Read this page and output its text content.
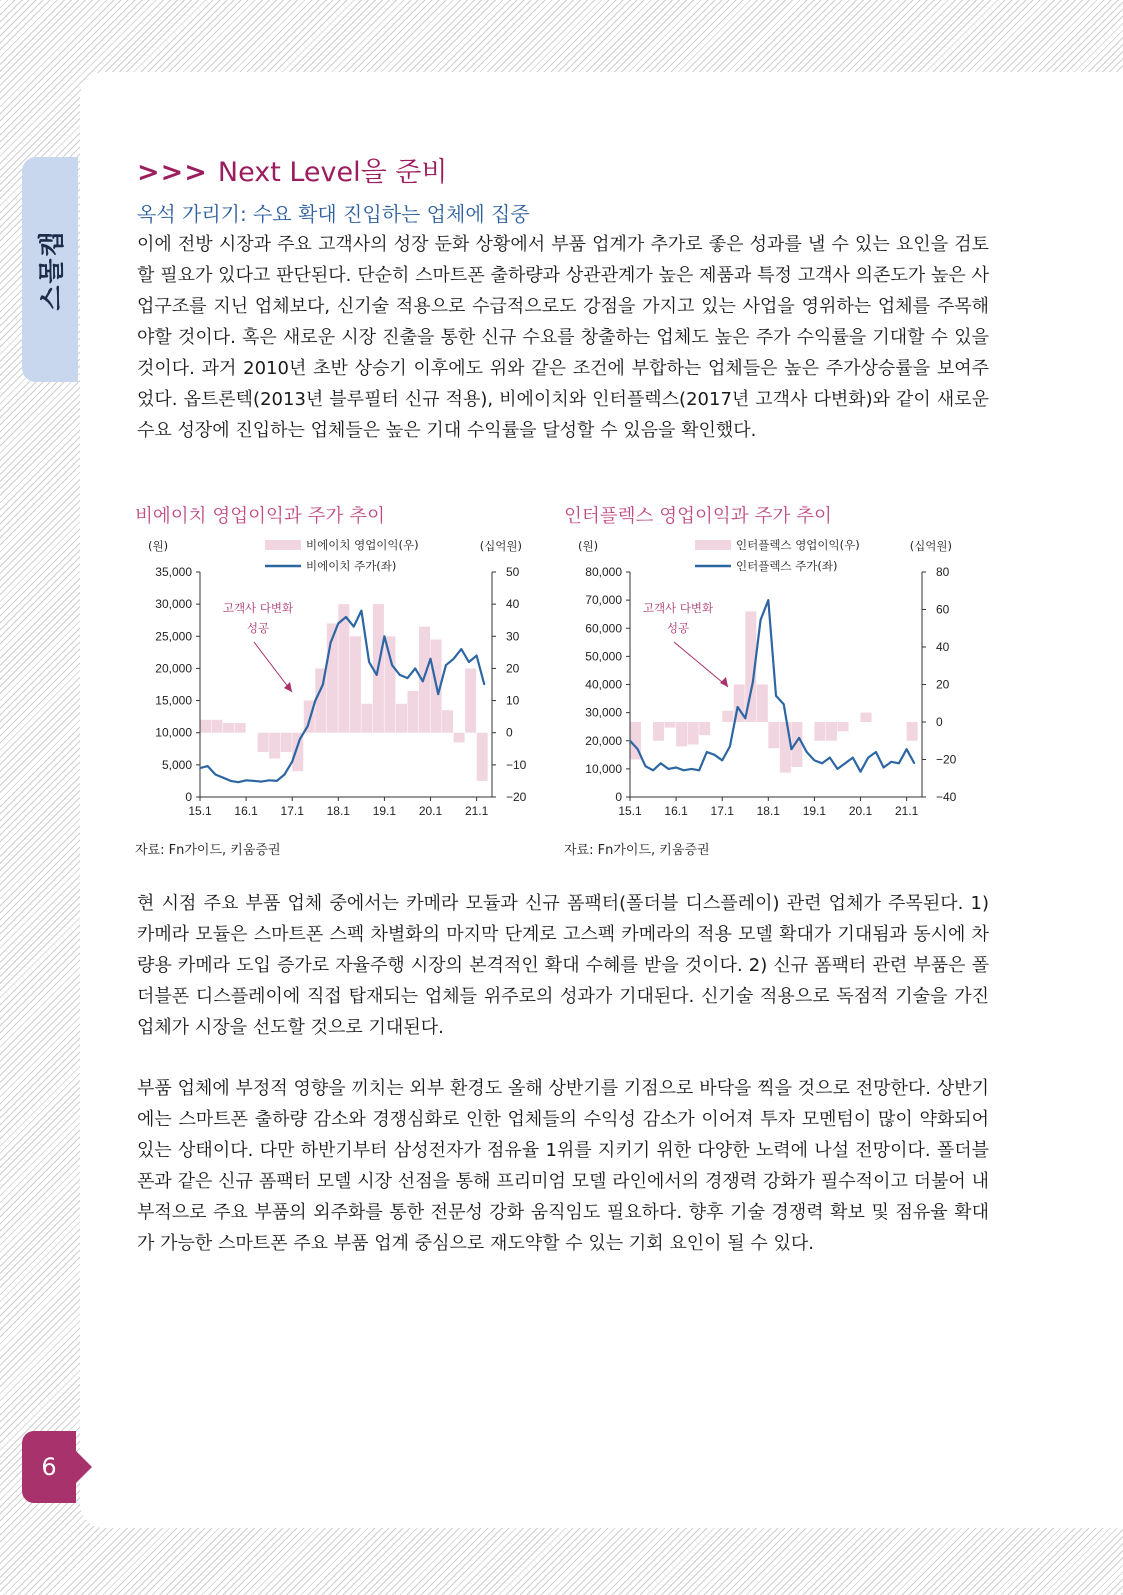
스몰캡
6
>>> Next Level을 준비
옥석 가리기: 수요 확대 진입하는 업체에 집중

이에 전방 시장과 주요 고객사의 성장 둔화 상황에서 부품 업계가 추가로 좋은 성과를 낼 수 있는 요인을 검토할 필요가 있다고 판단된다. 단순히 스마트폰 출하량과 상관관계가 높은 제품과 특정 고객사 의존도가 높은 사업구조를 지닌 업체보다, 신기술 적용으로 수급적으로도 강점을 가지고 있는 사업을 영위하는 업체를 주목해야할 것이다. 혹은 새로운 시장 진출을 통한 신규 수요를 창출하는 업체도 높은 주가 수익률을 기대할 수 있을 것이다. 과거 2010년 초반 상승기 이후에도 위와 같은 조건에 부합하는 업체들은 높은 주가상승률을 보여주었다. 옵트론텍(2013년 블루필터 신규 적용), 비에이치와 인터플렉스(2017년 고객사 다변화)와 같이 새로운 수요 성장에 진입하는 업체들은 높은 기대 수익률을 달성할 수 있음을 확인했다.

비에이치 영업이익과 주가 추이
35,000
30,000
25,000
20,000
15,000
10,000
5,000
0
50
40
30
20
10
0
−10
−20
15.1 16.1 17.1 18.1 19.1 20.1 21.1
(원)	(십억원)
비에이치 영업이익(우)
비에이치 주가(좌)
고객사 다변화
성공
자료: Fn가이드, 키움증권
인터플렉스 영업이익과 주가 추이
80,000
70,000
60,000
50,000
40,000
30,000
20,000
10,000
0
80
60
40
20
0
−20
−40
15.1 16.1 17.1 18.1 19.1 20.1 21.1
(원)	(십억원)
인터플렉스 영업이익(우)
인터플렉스 주가(좌)
고객사 다변화
성공
자료: Fn가이드, 키움증권

현 시점 주요 부품 업체 중에서는 카메라 모듈과 신규 폼팩터(폴더블 디스플레이) 관련 업체가 주목된다. 1) 카메라 모듈은 스마트폰 스펙 차별화의 마지막 단계로 고스펙 카메라의 적용 모델 확대가 기대됨과 동시에 차량용 카메라 도입 증가로 자율주행 시장의 본격적인 확대 수혜를 받을 것이다. 2) 신규 폼팩터 관련 부품은 폴더블폰 디스플레이에 직접 탑재되는 업체들 위주로의 성과가 기대된다. 신기술 적용으로 독점적 기술을 가진 업체가 시장을 선도할 것으로 기대된다.

부품 업체에 부정적 영향을 끼치는 외부 환경도 올해 상반기를 기점으로 바닥을 찍을 것으로 전망한다. 상반기에는 스마트폰 출하량 감소와 경쟁심화로 인한 업체들의 수익성 감소가 이어져 투자 모멘텀이 많이 약화되어 있는 상태이다. 다만 하반기부터 삼성전자가 점유율 1위를 지키기 위한 다양한 노력에 나설 전망이다. 폴더블폰과 같은 신규 폼팩터 모델 시장 선점을 통해 프리미엄 모델 라인에서의 경쟁력 강화가 필수적이고 더불어 내부적으로 주요 부품의 외주화를 통한 전문성 강화 움직임도 필요하다. 향후 기술 경쟁력 확보 및 점유율 확대가 가능한 스마트폰 주요 부품 업계 중심으로 재도약할 수 있는 기회 요인이 될 수 있다.
